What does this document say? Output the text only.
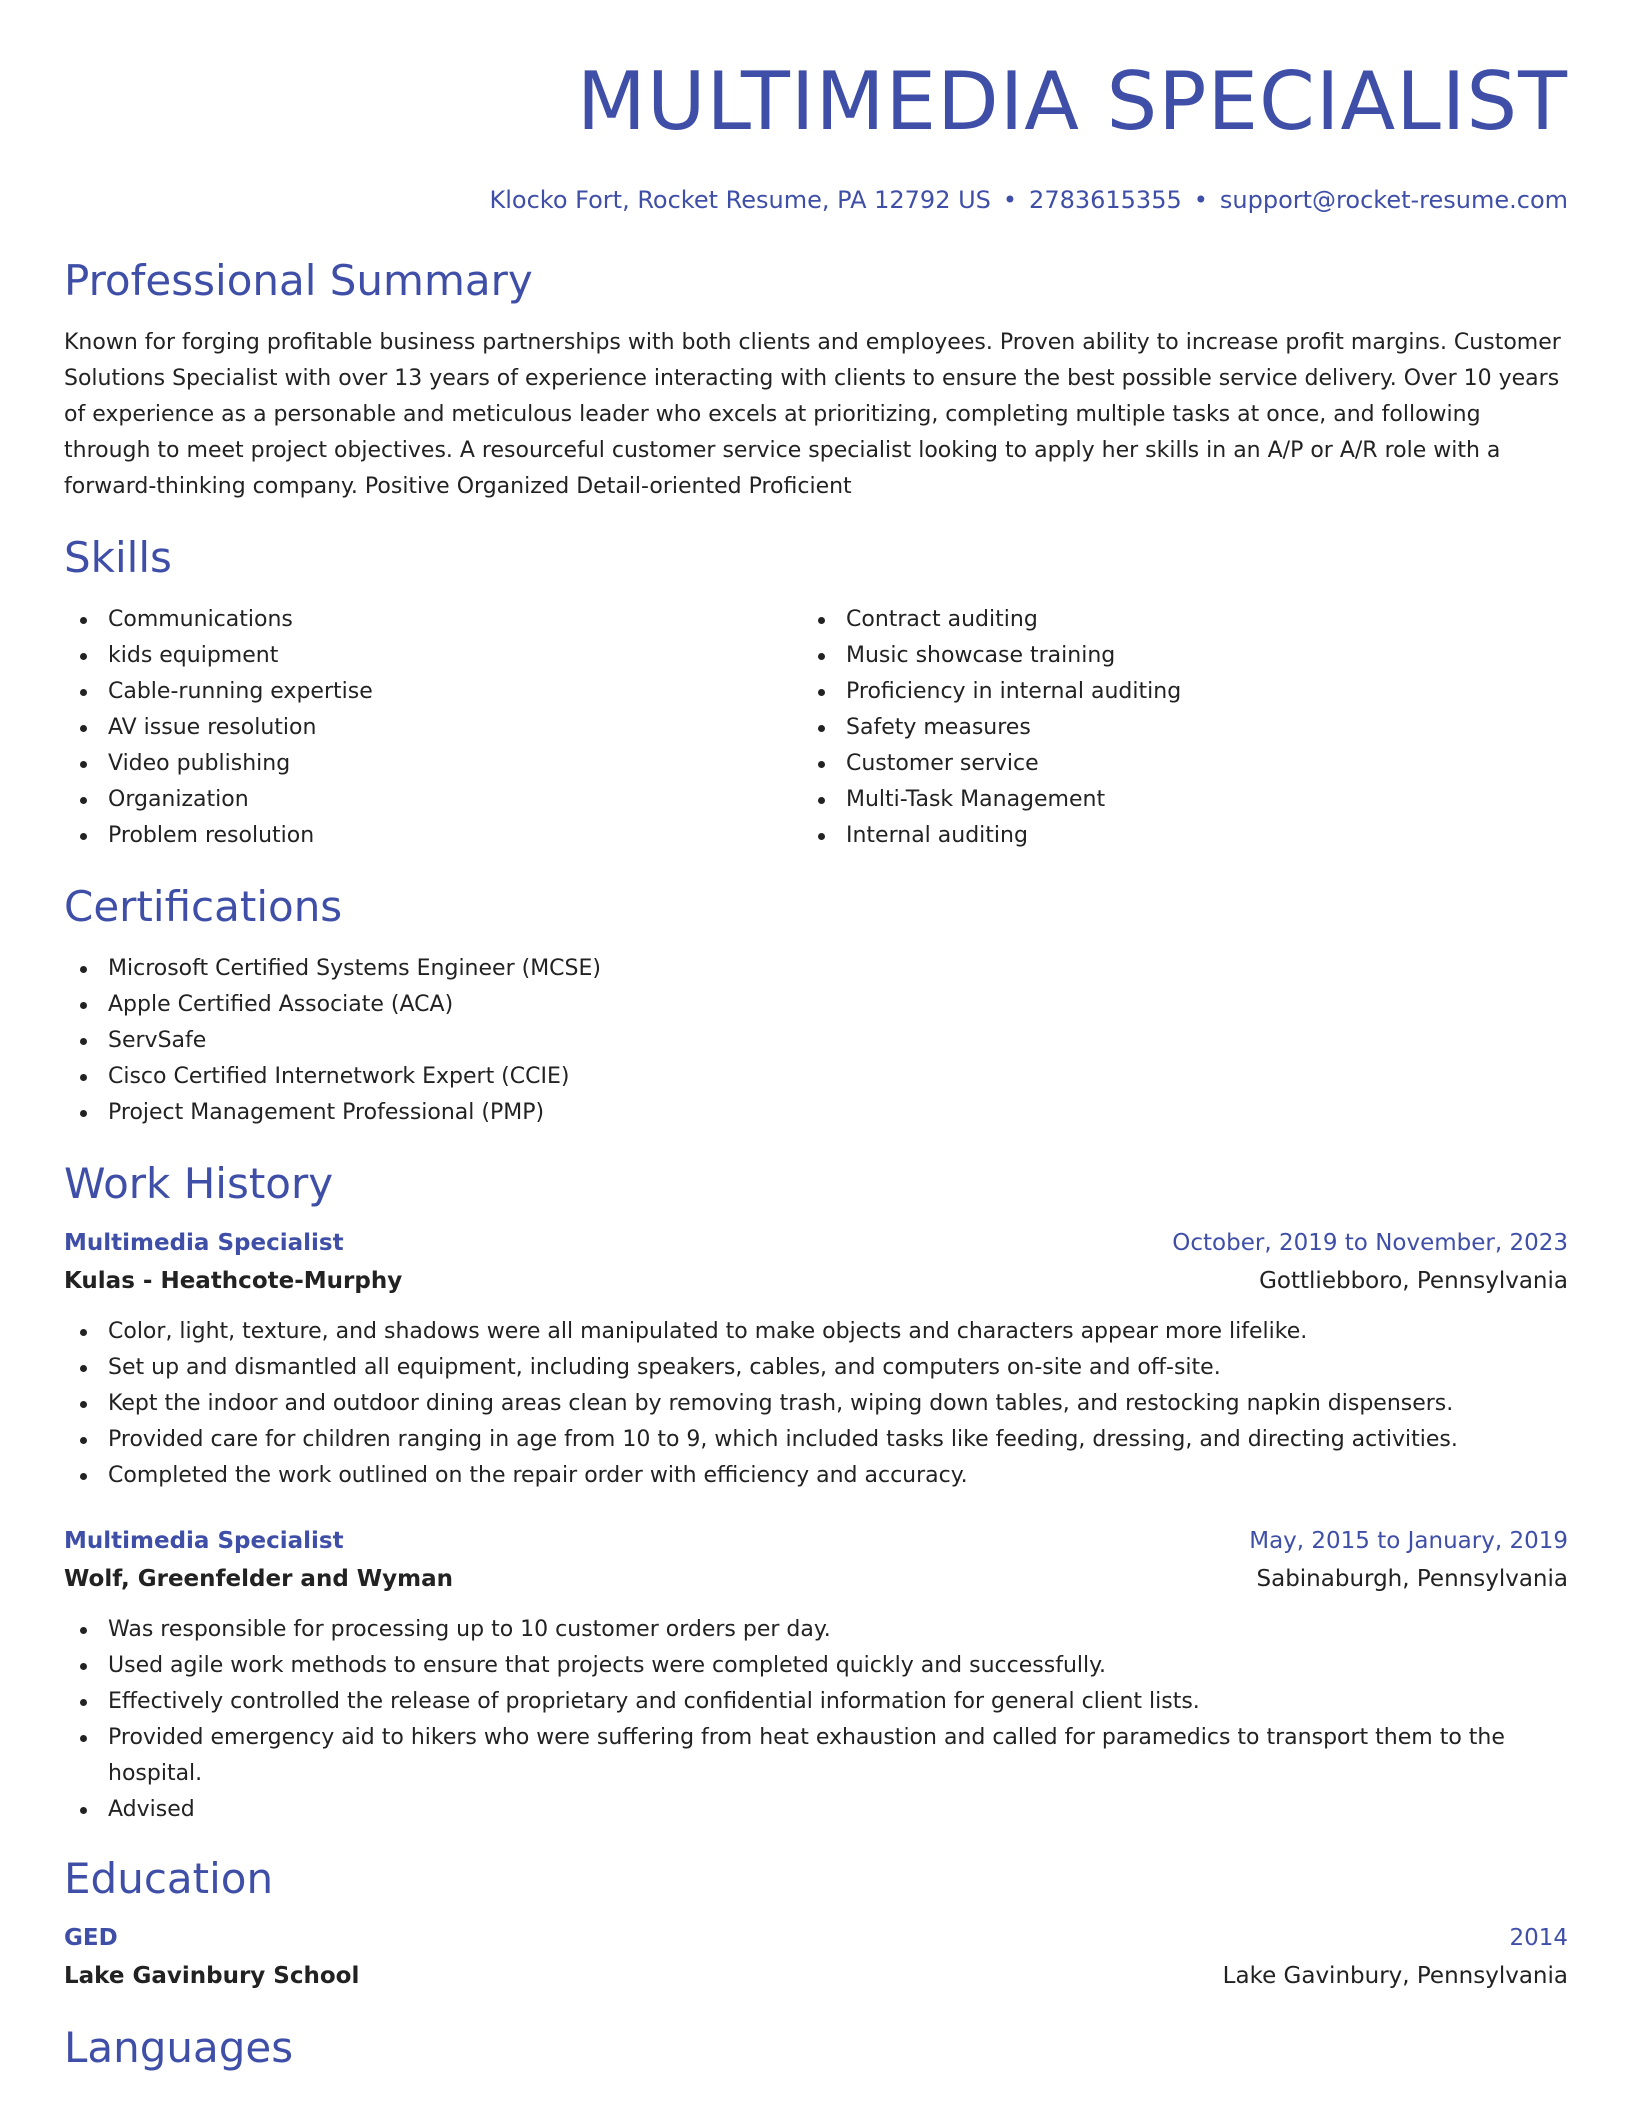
MULTIMEDIA SPECIALIST
Klocko Fort, Rocket Resume, PA 12792 US • 2783615355 • support@rocket-resume.com
Professional Summary
Known for forging profitable business partnerships with both clients and employees. Proven ability to increase profit margins. Customer Solutions Specialist with over 13 years of experience interacting with clients to ensure the best possible service delivery. Over 10 years of experience as a personable and meticulous leader who excels at prioritizing, completing multiple tasks at once, and following through to meet project objectives. A resourceful customer service specialist looking to apply her skills in an A/P or A/R role with a forward-thinking company. Positive Organized Detail-oriented Proficient
Skills
Communications
kids equipment
Cable-running expertise
AV issue resolution
Video publishing
Organization
Problem resolution
Contract auditing
Music showcase training
Proficiency in internal auditing
Safety measures
Customer service
Multi-Task Management
Internal auditing
Certifications
Microsoft Certified Systems Engineer (MCSE)
Apple Certified Associate (ACA)
ServSafe
Cisco Certified Internetwork Expert (CCIE)
Project Management Professional (PMP)
Work History
Multimedia Specialist	October, 2019 to November, 2023
Kulas - Heathcote-Murphy	Gottliebboro, Pennsylvania
Color, light, texture, and shadows were all manipulated to make objects and characters appear more lifelike.
Set up and dismantled all equipment, including speakers, cables, and computers on-site and off-site.
Kept the indoor and outdoor dining areas clean by removing trash, wiping down tables, and restocking napkin dispensers.
Provided care for children ranging in age from 10 to 9, which included tasks like feeding, dressing, and directing activities.
Completed the work outlined on the repair order with efficiency and accuracy.
Multimedia Specialist	May, 2015 to January, 2019
Wolf, Greenfelder and Wyman	Sabinaburgh, Pennsylvania
Was responsible for processing up to 10 customer orders per day.
Used agile work methods to ensure that projects were completed quickly and successfully.
Effectively controlled the release of proprietary and confidential information for general client lists.
Provided emergency aid to hikers who were suffering from heat exhaustion and called for paramedics to transport them to the hospital.
Advised
Education
GED	2014
Lake Gavinbury School	Lake Gavinbury, Pennsylvania
Languages
